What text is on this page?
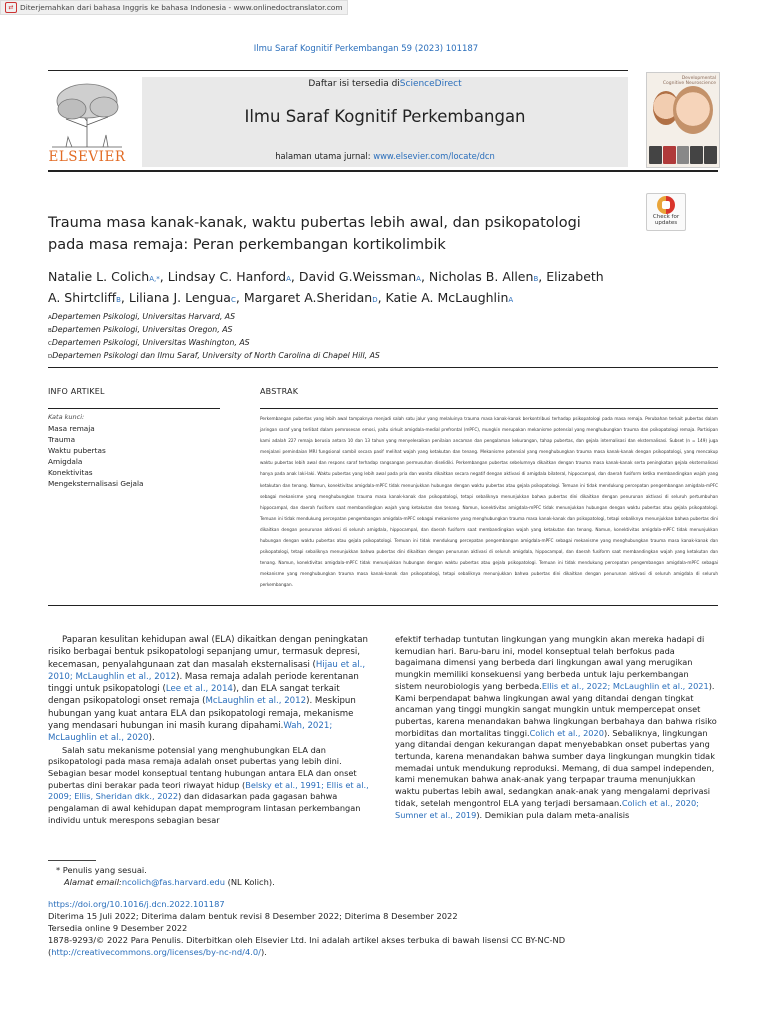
⇄ Diterjemahkan dari bahasa Inggris ke bahasa Indonesia - www.onlinedoctranslator.com
Ilmu Saraf Kognitif Perkembangan 59 (2023) 101187
ELSEVIER
Daftar isi tersedia diScienceDirect
Ilmu Saraf Kognitif Perkembangan
halaman utama jurnal: www.elsevier.com/locate/dcn
Developmental
Cognitive Neuroscience
Check for
updates
Trauma masa kanak-kanak, waktu pubertas lebih awal, dan psikopatologi pada masa remaja: Peran perkembangan kortikolimbik
Natalie L. ColichA,*, Lindsay C. HanfordA, David G.WeissmanA, Nicholas B. AllenB, Elizabeth A. ShirtcliffB, Liliana J. LenguaC, Margaret A.SheridanD, Katie A. McLaughlinA
ADepartemen Psikologi, Universitas Harvard, AS
BDepartemen Psikologi, Universitas Oregon, AS
CDepartemen Psikologi, Universitas Washington, AS
DDepartemen Psikologi dan Ilmu Saraf, University of North Carolina di Chapel Hill, AS
INFO ARTIKEL	ABSTRAK
Kata kunci:
Masa remaja
Trauma
Waktu pubertas
Amigdala
Konektivitas
Mengeksternalisasi Gejala
Perkembangan pubertas yang lebih awal tampaknya menjadi salah satu jalur yang melaluinya trauma masa kanak-kanak berkontribusi terhadap psikopatologi pada masa remaja. Perubahan terkait pubertas dalam jaringan saraf yang terlibat dalam pemrosesan emosi, yaitu sirkuit amigdala-medial prefrontal (mPFC), mungkin merupakan mekanisme potensial yang menghubungkan trauma dan psikopatologi remaja. Partisipan kami adalah 227 remaja berusia antara 10 dan 13 tahun yang menyelesaikan penilaian ancaman dan pengalaman kekurangan, tahap pubertas, dan gejala internalisasi dan eksternalisasi. Subset (n = 149) juga menjalani pemindaian MRI fungsional sambil secara pasif melihat wajah yang ketakutan dan tenang. Mekanisme potensial yang menghubungkan trauma masa kanak-kanak dengan psikopatologi, yang mencakup waktu pubertas lebih awal dan respons saraf terhadap rangsangan permusuhan diselidiki. Perkembangan pubertas sebelumnya dikaitkan dengan trauma masa kanak-kanak serta peningkatan gejala eksternalisasi hanya pada anak laki-laki. Waktu pubertas yang lebih awal pada pria dan wanita dikaitkan secara negatif dengan aktivasi di amigdala bilateral, hippocampal, dan daerah fusiform ketika membandingkan wajah yang ketakutan dan tenang. Namun, konektivitas amigdala-mPFC tidak menunjukkan hubungan dengan waktu pubertas atau gejala psikopatologi. Temuan ini tidak mendukung percepatan pengembangan amigdala-mPFC sebagai mekanisme yang menghubungkan trauma masa kanak-kanak dan psikopatologi, tetapi sebaliknya menunjukkan bahwa pubertas dini dikaitkan dengan penurunan aktivasi di seluruh pertumbuhan hippocampal, dan daerah fusiform saat membandingkan wajah yang ketakutan dan tenang. Namun, konektivitas amigdala-mPFC tidak menunjukkan hubungan dengan waktu pubertas atau gejala psikopatologi. Temuan ini tidak mendukung percepatan pengembangan amigdala-mPFC sebagai mekanisme yang menghubungkan trauma masa kanak-kanak dan psikopatologi, tetapi sebaliknya menunjukkan bahwa pubertas dini dikaitkan dengan penurunan aktivasi di seluruh amigdala, hippocampal, dan daerah fusiform saat membandingkan wajah yang ketakutan dan tenang. Namun, konektivitas amigdala-mPFC tidak menunjukkan hubungan dengan waktu pubertas atau gejala psikopatologi. Temuan ini tidak mendukung percepatan pengembangan amigdala-mPFC sebagai mekanisme yang menghubungkan trauma masa kanak-kanak dan psikopatologi, tetapi sebaliknya menunjukkan bahwa pubertas dini dikaitkan dengan penurunan aktivasi di seluruh amigdala, hippocampal, dan daerah fusiform saat membandingkan wajah yang ketakutan dan tenang. Namun, konektivitas amigdala-mPFC tidak menunjukkan hubungan dengan waktu pubertas atau gejala psikopatologi. Temuan ini tidak mendukung percepatan pengembangan amigdala-mPFC sebagai mekanisme yang menghubungkan trauma masa kanak-kanak dan psikopatologi, tetapi sebaliknya menunjukkan bahwa pubertas dini dikaitkan dengan penurunan aktivasi di seluruh amigdala di seluruh perkembangan.

Paparan kesulitan kehidupan awal (ELA) dikaitkan dengan peningkatan risiko berbagai bentuk psikopatologi sepanjang umur, termasuk depresi, kecemasan, penyalahgunaan zat dan masalah eksternalisasi (Hijau et al., 2010; McLaughlin et al., 2012). Masa remaja adalah periode kerentanan tinggi untuk psikopatologi (Lee et al., 2014), dan ELA sangat terkait dengan psikopatologi onset remaja (McLaughlin et al., 2012). Meskipun hubungan yang kuat antara ELA dan psikopatologi remaja, mekanisme yang mendasari hubungan ini masih kurang dipahami.Wah, 2021; McLaughlin et al., 2020).

Salah satu mekanisme potensial yang menghubungkan ELA dan psikopatologi pada masa remaja adalah onset pubertas yang lebih dini. Sebagian besar model konseptual tentang hubungan antara ELA dan onset pubertas dini berakar pada teori riwayat hidup (Belsky et al., 1991; Ellis et al., 2009; Ellis, Sheridan dkk., 2022) dan didasarkan pada gagasan bahwa pengalaman di awal kehidupan dapat memprogram lintasan perkembangan individu untuk merespons sebagian besar

efektif terhadap tuntutan lingkungan yang mungkin akan mereka hadapi di kemudian hari. Baru-baru ini, model konseptual telah berfokus pada bagaimana dimensi yang berbeda dari lingkungan awal yang merugikan mungkin memiliki konsekuensi yang berbeda untuk laju perkembangan sistem neurobiologis yang berbeda.Ellis et al., 2022; McLaughlin et al., 2021). Kami berpendapat bahwa lingkungan awal yang ditandai dengan tingkat ancaman yang tinggi mungkin sangat mungkin untuk mempercepat onset pubertas, karena menandakan bahwa lingkungan berbahaya dan bahwa risiko morbiditas dan mortalitas tinggi.Colich et al., 2020). Sebaliknya, lingkungan yang ditandai dengan kekurangan dapat menyebabkan onset pubertas yang tertunda, karena menandakan bahwa sumber daya lingkungan mungkin tidak memadai untuk mendukung reproduksi. Memang, di dua sampel independen, kami menemukan bahwa anak-anak yang terpapar trauma menunjukkan waktu pubertas lebih awal, sedangkan anak-anak yang mengalami deprivasi tidak, setelah mengontrol ELA yang terjadi bersamaan.Colich et al., 2020; Sumner et al., 2019). Demikian pula dalam meta-analisis

* Penulis yang sesuai.
Alamat email:ncolich@fas.harvard.edu (NL Kolich).
https://doi.org/10.1016/j.dcn.2022.101187
Diterima 15 Juli 2022; Diterima dalam bentuk revisi 8 Desember 2022; Diterima 8 Desember 2022
Tersedia online 9 Desember 2022
1878-9293/© 2022 Para Penulis. Diterbitkan oleh Elsevier Ltd. Ini adalah artikel akses terbuka di bawah lisensi CC BY-NC-ND (http://creativecommons.org/licenses/by-nc-nd/4.0/).
